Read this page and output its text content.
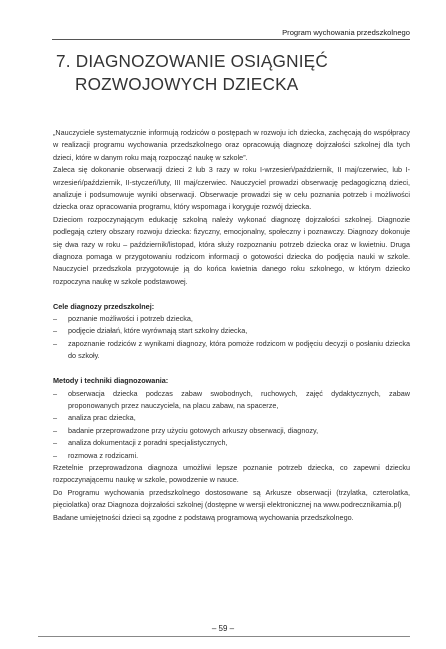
Program wychowania przedszkolnego
7. DIAGNOZOWANIE OSIĄGNIĘĆ
ROZWOJOWYCH DZIECKA

„Nauczyciele systematycznie informują rodziców o postępach w rozwoju ich dziecka, zachęcają do współpracy w realizacji programu wychowania przedszkolnego oraz opracowują diagnozę dojrzałości szkolnej dla tych dzieci, które w danym roku mają rozpocząć naukę w szkole”.

Zaleca się dokonanie obserwacji dzieci 2 lub 3 razy w roku I-wrzesień/październik, II maj/czerwiec, lub I-wrzesień/październik, II-styczeń/luty, III maj/czerwiec. Nauczyciel prowadzi obserwację pedagogiczną dzieci, analizuje i podsumowuje wyniki obserwacji. Obserwacje prowadzi się w celu poznania potrzeb i możliwości dziecka oraz opracowania programu, który wspomaga i koryguje rozwój dziecka.

Dzieciom rozpoczynającym edukację szkolną należy wykonać diagnozę dojrzałości szkolnej. Diagnozie podlegają cztery obszary rozwoju dziecka: fizyczny, emocjonalny, społeczny i poznawczy. Diagnozy dokonuje się dwa razy w roku – październik/listopad, która służy rozpoznaniu potrzeb dziecka oraz w kwietniu. Druga diagnoza pomaga w przygotowaniu rodzicom informacji o gotowości dziecka do podjęcia nauki w szkole. Nauczyciel przedszkola przygotowuje ją do końca kwietnia danego roku szkolnego, w którym dziecko rozpoczyna naukę w szkole podstawowej.

Cele diagnozy przedszkolnej:

– poznanie możliwości i potrzeb dziecka,
– podjęcie działań, które wyrównają start szkolny dziecka,
– zapoznanie rodziców z wynikami diagnozy, która pomoże rodzicom w podjęciu decyzji o posłaniu dziecka do szkoły.

Metody i techniki diagnozowania:

– obserwacja dziecka podczas zabaw swobodnych, ruchowych, zajęć dydaktycznych, zabaw proponowanych przez nauczyciela, na placu zabaw, na spacerze,
– analiza prac dziecka,
– badanie przeprowadzone przy użyciu gotowych arkuszy obserwacji, diagnozy,
– analiza dokumentacji z poradni specjalistycznych,
– rozmowa z rodzicami.

Rzetelnie przeprowadzona diagnoza umożliwi lepsze poznanie potrzeb dziecka, co zapewni dziecku rozpoczynającemu naukę w szkole, powodzenie w nauce.

Do Programu wychowania przedszkolnego dostosowane są Arkusze obserwacji (trzylatka, czterolatka, pięciolatka) oraz Diagnoza dojrzałości szkolnej (dostępne w wersji elektronicznej na www.podrecznikamia.pl)

Badane umiejętności dzieci są zgodne z podstawą programową wychowania przedszkolnego.

– 59 –
